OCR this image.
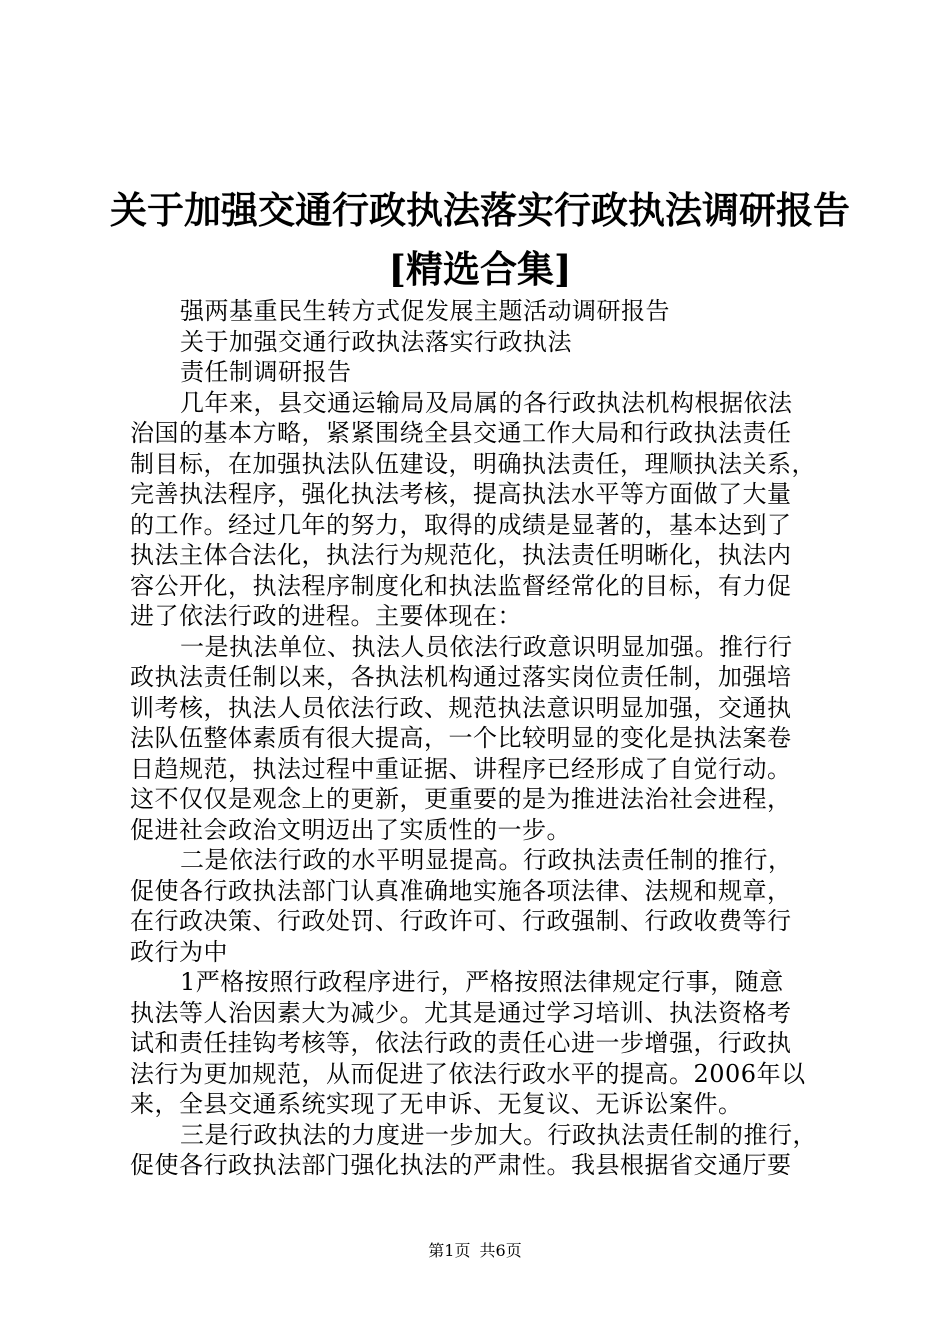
关于加强交通行政执法落实行政执法调研报告
[精选合集]
强两基重民生转方式促发展主题活动调研报告
关于加强交通行政执法落实行政执法
责任制调研报告
几年来，县交通运输局及局属的各行政执法机构根据依法
治国的基本方略，紧紧围绕全县交通工作大局和行政执法责任
制目标，在加强执法队伍建设，明确执法责任，理顺执法关系，
完善执法程序，强化执法考核，提高执法水平等方面做了大量
的工作。经过几年的努力，取得的成绩是显著的，基本达到了
执法主体合法化，执法行为规范化，执法责任明晰化，执法内
容公开化，执法程序制度化和执法监督经常化的目标，有力促
进了依法行政的进程。主要体现在：
一是执法单位、执法人员依法行政意识明显加强。推行行
政执法责任制以来，各执法机构通过落实岗位责任制，加强培
训考核，执法人员依法行政、规范执法意识明显加强，交通执
法队伍整体素质有很大提高，一个比较明显的变化是执法案卷
日趋规范，执法过程中重证据、讲程序已经形成了自觉行动。
这不仅仅是观念上的更新，更重要的是为推进法治社会进程，
促进社会政治文明迈出了实质性的一步。
二是依法行政的水平明显提高。行政执法责任制的推行，
促使各行政执法部门认真准确地实施各项法律、法规和规章，
在行政决策、行政处罚、行政许可、行政强制、行政收费等行
政行为中
1严格按照行政程序进行，严格按照法律规定行事，随意
执法等人治因素大为减少。尤其是通过学习培训、执法资格考
试和责任挂钩考核等，依法行政的责任心进一步增强，行政执
法行为更加规范，从而促进了依法行政水平的提高。2006年以
来，全县交通系统实现了无申诉、无复议、无诉讼案件。
三是行政执法的力度进一步加大。行政执法责任制的推行，
促使各行政执法部门强化执法的严肃性。我县根据省交通厅要
第1页 共6页
